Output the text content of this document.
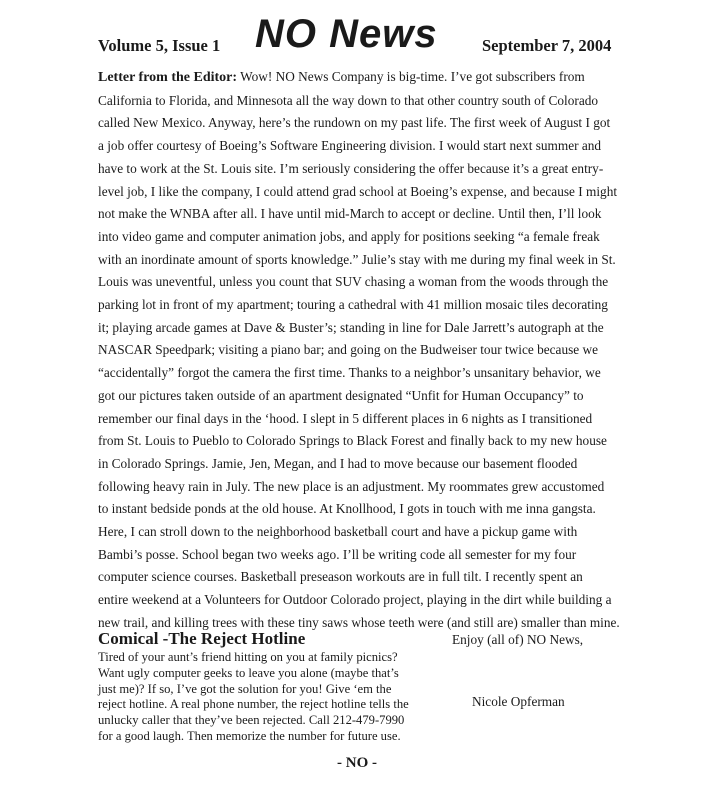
Volume 5, Issue 1 NO News	September 7, 2004
Letter from the Editor: Wow! NO News Company is big-time. I’ve got subscribers from
California to Florida, and Minnesota all the way down to that other country south of Colorado
called New Mexico. Anyway, here’s the rundown on my past life. The first week of August I got
a job offer courtesy of Boeing’s Software Engineering division. I would start next summer and
have to work at the St. Louis site. I’m seriously considering the offer because it’s a great entry-
level job, I like the company, I could attend grad school at Boeing’s expense, and because I might
not make the WNBA after all. I have until mid-March to accept or decline. Until then, I’ll look
into video game and computer animation jobs, and apply for positions seeking “a female freak
with an inordinate amount of sports knowledge.” Julie’s stay with me during my final week in St.
Louis was uneventful, unless you count that SUV chasing a woman from the woods through the
parking lot in front of my apartment; touring a cathedral with 41 million mosaic tiles decorating
it; playing arcade games at Dave & Buster’s; standing in line for Dale Jarrett’s autograph at the
NASCAR Speedpark; visiting a piano bar; and going on the Budweiser tour twice because we
“accidentally” forgot the camera the first time. Thanks to a neighbor’s unsanitary behavior, we
got our pictures taken outside of an apartment designated “Unfit for Human Occupancy” to
remember our final days in the ‘hood. I slept in 5 different places in 6 nights as I transitioned
from St. Louis to Pueblo to Colorado Springs to Black Forest and finally back to my new house
in Colorado Springs. Jamie, Jen, Megan, and I had to move because our basement flooded
following heavy rain in July. The new place is an adjustment. My roommates grew accustomed
to instant bedside ponds at the old house. At Knollhood, I gots in touch with me inna gangsta.
Here, I can stroll down to the neighborhood basketball court and have a pickup game with
Bambi’s posse. School began two weeks ago. I’ll be writing code all semester for my four
computer science courses. Basketball preseason workouts are in full tilt. I recently spent an
entire weekend at a Volunteers for Outdoor Colorado project, playing in the dirt while building a
new trail, and killing trees with these tiny saws whose teeth were (and still are) smaller than mine.
Comical -The Reject Hotline
Tired of your aunt’s friend hitting on you at family picnics?
Want ugly computer geeks to leave you alone (maybe that’s
just me)? If so, I’ve got the solution for you! Give ‘em the
reject hotline. A real phone number, the reject hotline tells the
unlucky caller that they’ve been rejected. Call 212-479-7990
for a good laugh. Then memorize the number for future use.
Enjoy (all of) NO News,
Nicole Opferman
- NO -
